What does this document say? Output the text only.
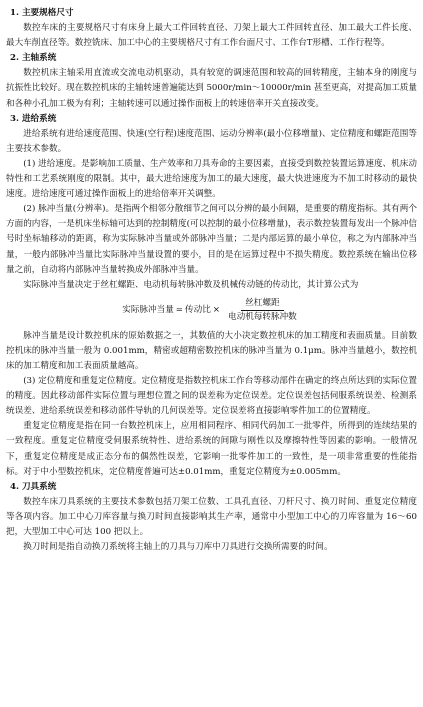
1. 主要规格尺寸

数控车床的主要规格尺寸有床身上最大工件回转直径、刀架上最大工件回转直径、加工最大工件长度、最大车削直径等。数控铣床、加工中心的主要规格尺寸有工作台面尺寸、工作台T形槽、工作行程等。

2. 主轴系统

数控机床主轴采用直流或交流电动机驱动，具有较宽的调速范围和较高的回转精度，主轴本身的刚度与抗振性比较好。现在数控机床的主轴转速普遍能达到 5000r/min～10000r/min 甚至更高，对提高加工质量和各种小孔加工极为有利；主轴转速可以通过操作面板上的转速倍率开关直接改变。

3. 进给系统

进给系统有进给速度范围、快速(空行程)速度范围、运动分辨率(最小位移增量)、定位精度和螺距范围等主要技术参数。

(1) 进给速度。是影响加工质量、生产效率和刀具寿命的主要因素，直接受到数控装置运算速度、机床动特性和工艺系统刚度的限制。其中，最大进给速度为加工的最大速度，最大快进速度为不加工时移动的最快速度。进给速度可通过操作面板上的进给倍率开关调整。

(2) 脉冲当量(分辨率)。是指两个相邻分散细节之间可以分辨的最小间隔，是重要的精度指标。其有两个方面的内容，一是机床坐标轴可达到的控制精度(可以控制的最小位移增量)，表示数控装置每发出一个脉冲信号时坐标轴移动的距离，称为实际脉冲当量或外部脉冲当量；二是内部运算的最小单位，称之为内部脉冲当量，一般内部脉冲当量比实际脉冲当量设置的要小，目的是在运算过程中不损失精度。数控系统在输出位移量之前，自动将内部脉冲当量转换成外部脉冲当量。

实际脉冲当量决定于丝杠螺距、电动机每转脉冲数及机械传动链的传动比，其计算公式为

实际脉冲当量 = 传动比 × $\frac{\text{丝杠螺距}}{\text{电动机每转脉冲数}}$

脉冲当量是设计数控机床的原始数据之一，其数值的大小决定数控机床的加工精度和表面质量。目前数控机床的脉冲当量一般为 0.001mm，精密或超精密数控机床的脉冲当量为 0.1μm。脉冲当量越小，数控机床的加工精度和加工表面质量越高。

(3) 定位精度和重复定位精度。定位精度是指数控机床工作台等移动部件在确定的终点所达到的实际位置的精度。因此移动部件实际位置与理想位置之间的误差称为定位误差。定位误差包括伺服系统误差、检测系统误差、进给系统误差和移动部件导轨的几何误差等。定位误差将直接影响零件加工的位置精度。

重复定位精度是指在同一台数控机床上，应用相同程序、相同代码加工一批零件，所得到的连续结果的一致程度。重复定位精度受伺服系统特性、进给系统的间隙与刚性以及摩擦特性等因素的影响。一般情况下，重复定位精度是成正态分布的偶然性误差，它影响一批零件加工的一致性，是一项非常重要的性能指标。对于中小型数控机床，定位精度普遍可达±0.01mm，重复定位精度为±0.005mm。

4. 刀具系统

数控车床刀具系统的主要技术参数包括刀架工位数、工具孔直径、刀杆尺寸、换刀时间、重复定位精度等各项内容。加工中心刀库容量与换刀时间直接影响其生产率，通常中小型加工中心的刀库容量为 16～60 把，大型加工中心可达 100 把以上。

换刀时间是指自动换刀系统将主轴上的刀具与刀库中刀具进行交换所需要的时间。
